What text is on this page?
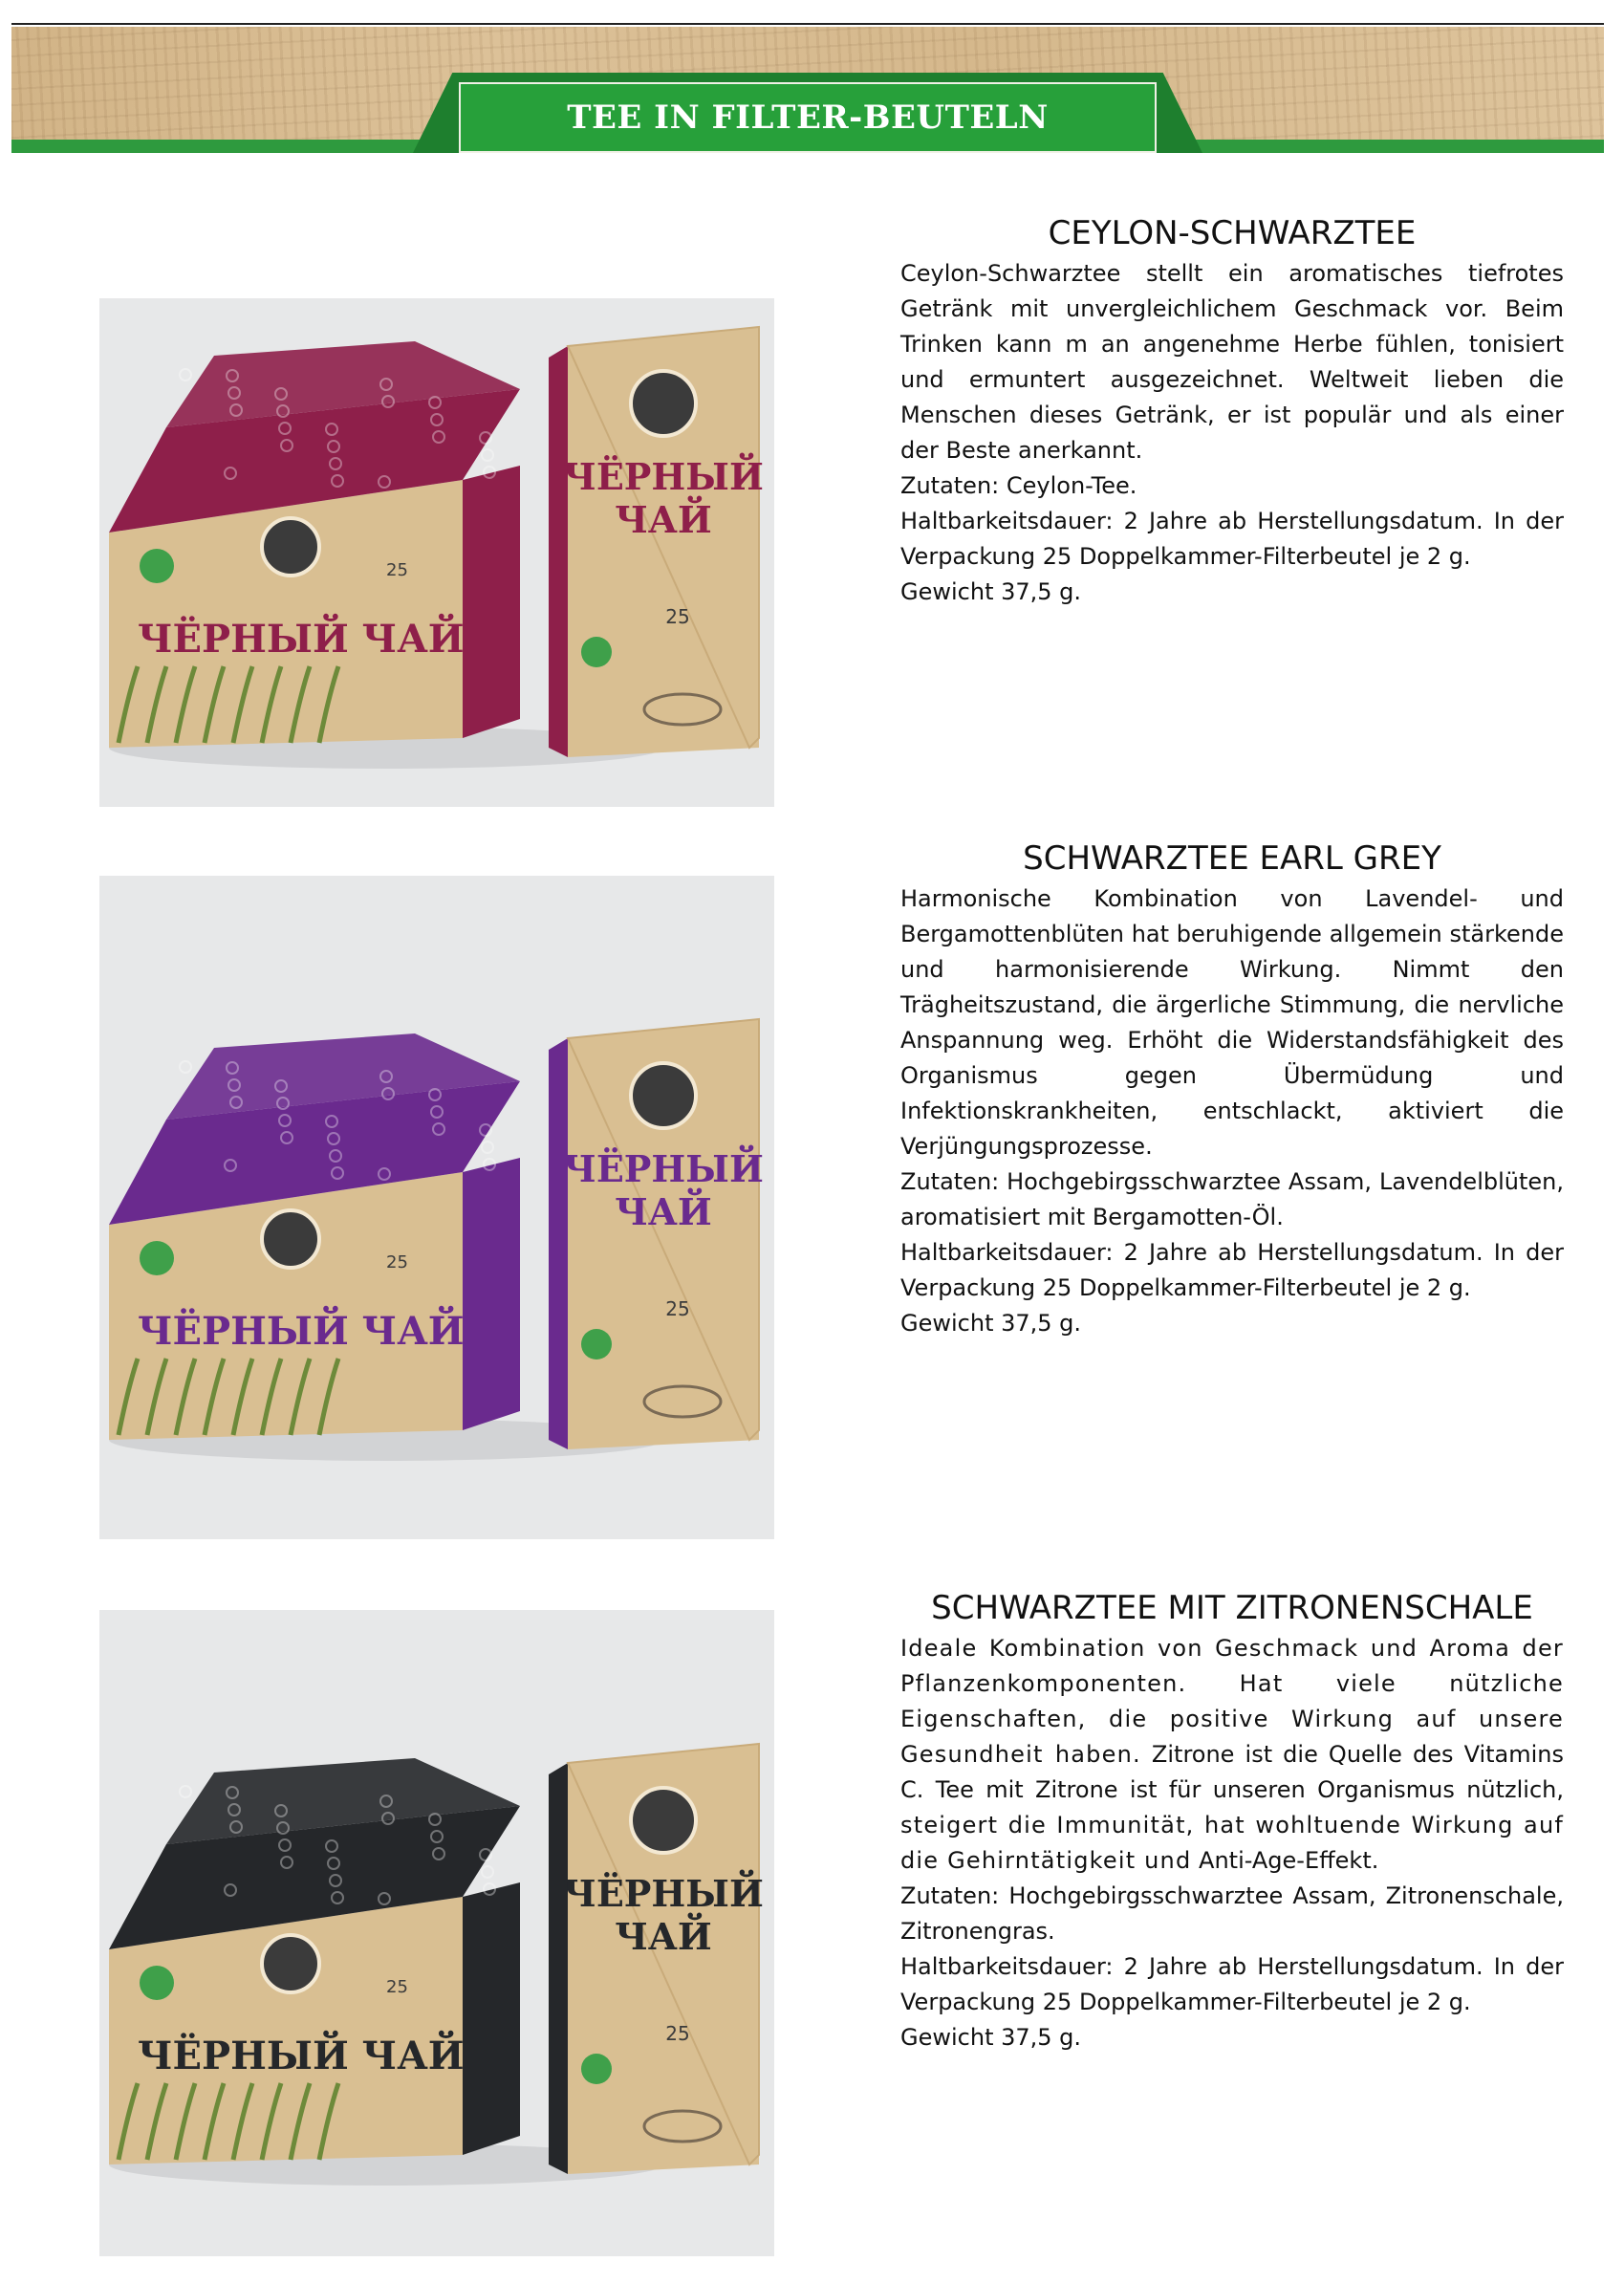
TEE IN FILTER-BEUTELN
ЧЁРНЫЙ ЧАЙ
25
ЧЁРНЫЙ
ЧАЙ
25
CEYLON-SCHWARZTEE

Ceylon-Schwarztee stellt ein aromatisches tiefrotes Getränk mit unvergleichlichem Geschmack vor. Beim Trinken kann m an angenehme Herbe fühlen, tonisiert und ermuntert ausgezeichnet. Weltweit lieben die Menschen dieses Getränk, er ist populär und als einer der Beste anerkannt.

Zutaten: Ceylon-Tee.

Haltbarkeitsdauer: 2 Jahre ab Herstellungsdatum. In der Verpackung 25 Doppelkammer-Filterbeutel je 2 g.

Gewicht 37,5 g.

ЧЁРНЫЙ ЧАЙ
25
ЧЁРНЫЙ
ЧАЙ
25
SCHWARZTEE EARL GREY

Harmonische Kombination von Lavendel- und Bergamottenblüten hat beruhigende allgemein stärkende und harmonisierende Wirkung. Nimmt den Trägheitszustand, die ärgerliche Stimmung, die nervliche Anspannung weg. Erhöht die Widerstandsfähigkeit des Organismus gegen Übermüdung und Infektionskrankheiten, entschlackt, aktiviert die Verjüngungsprozesse.

Zutaten: Hochgebirgsschwarztee Assam, Lavendelblüten, aromatisiert mit Bergamotten-Öl.

Haltbarkeitsdauer: 2 Jahre ab Herstellungsdatum. In der Verpackung 25 Doppelkammer-Filterbeutel je 2 g.

Gewicht 37,5 g.

ЧЁРНЫЙ ЧАЙ
25
ЧЁРНЫЙ
ЧАЙ
25
SCHWARZTEE MIT ZITRONENSCHALE

Ideale Kombination von Geschmack und Aroma der Pflanzenkomponenten. Hat viele nützliche Eigenschaften, die positive Wirkung auf unsere Gesundheit haben. Zitrone ist die Quelle des Vitamins C. Tee mit Zitrone ist für unseren Organismus nützlich, steigert die Immunität, hat wohltuende Wirkung auf die Gehirntätigkeit und Anti-Age-Effekt.

Zutaten: Hochgebirgsschwarztee Assam, Zitronenschale, Zitronengras.

Haltbarkeitsdauer: 2 Jahre ab Herstellungsdatum. In der Verpackung 25 Doppelkammer-Filterbeutel je 2 g.

Gewicht 37,5 g.
